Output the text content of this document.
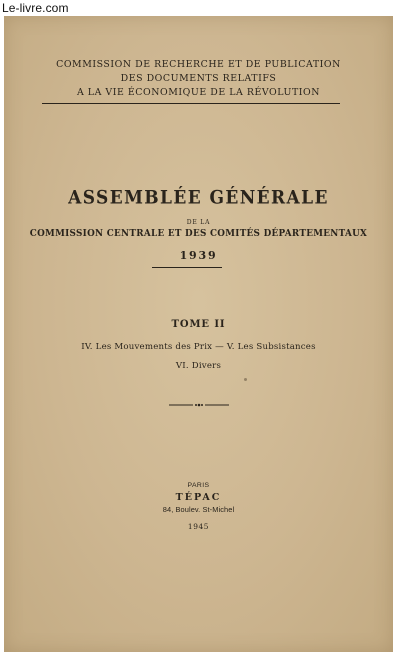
Le-livre.com
COMMISSION DE RECHERCHE ET DE PUBLICATION
DES DOCUMENTS RELATIFS
A LA VIE ÉCONOMIQUE DE LA RÉVOLUTION
ASSEMBLÉE GÉNÉRALE
DE LA
COMMISSION CENTRALE ET DES COMITÉS DÉPARTEMENTAUX
1939
TOME II
IV. Les Mouvements des Prix — V. Les Subsistances
VI. Divers
PARIS
TÉPAC
84, Boulev. St-Michel
1945
